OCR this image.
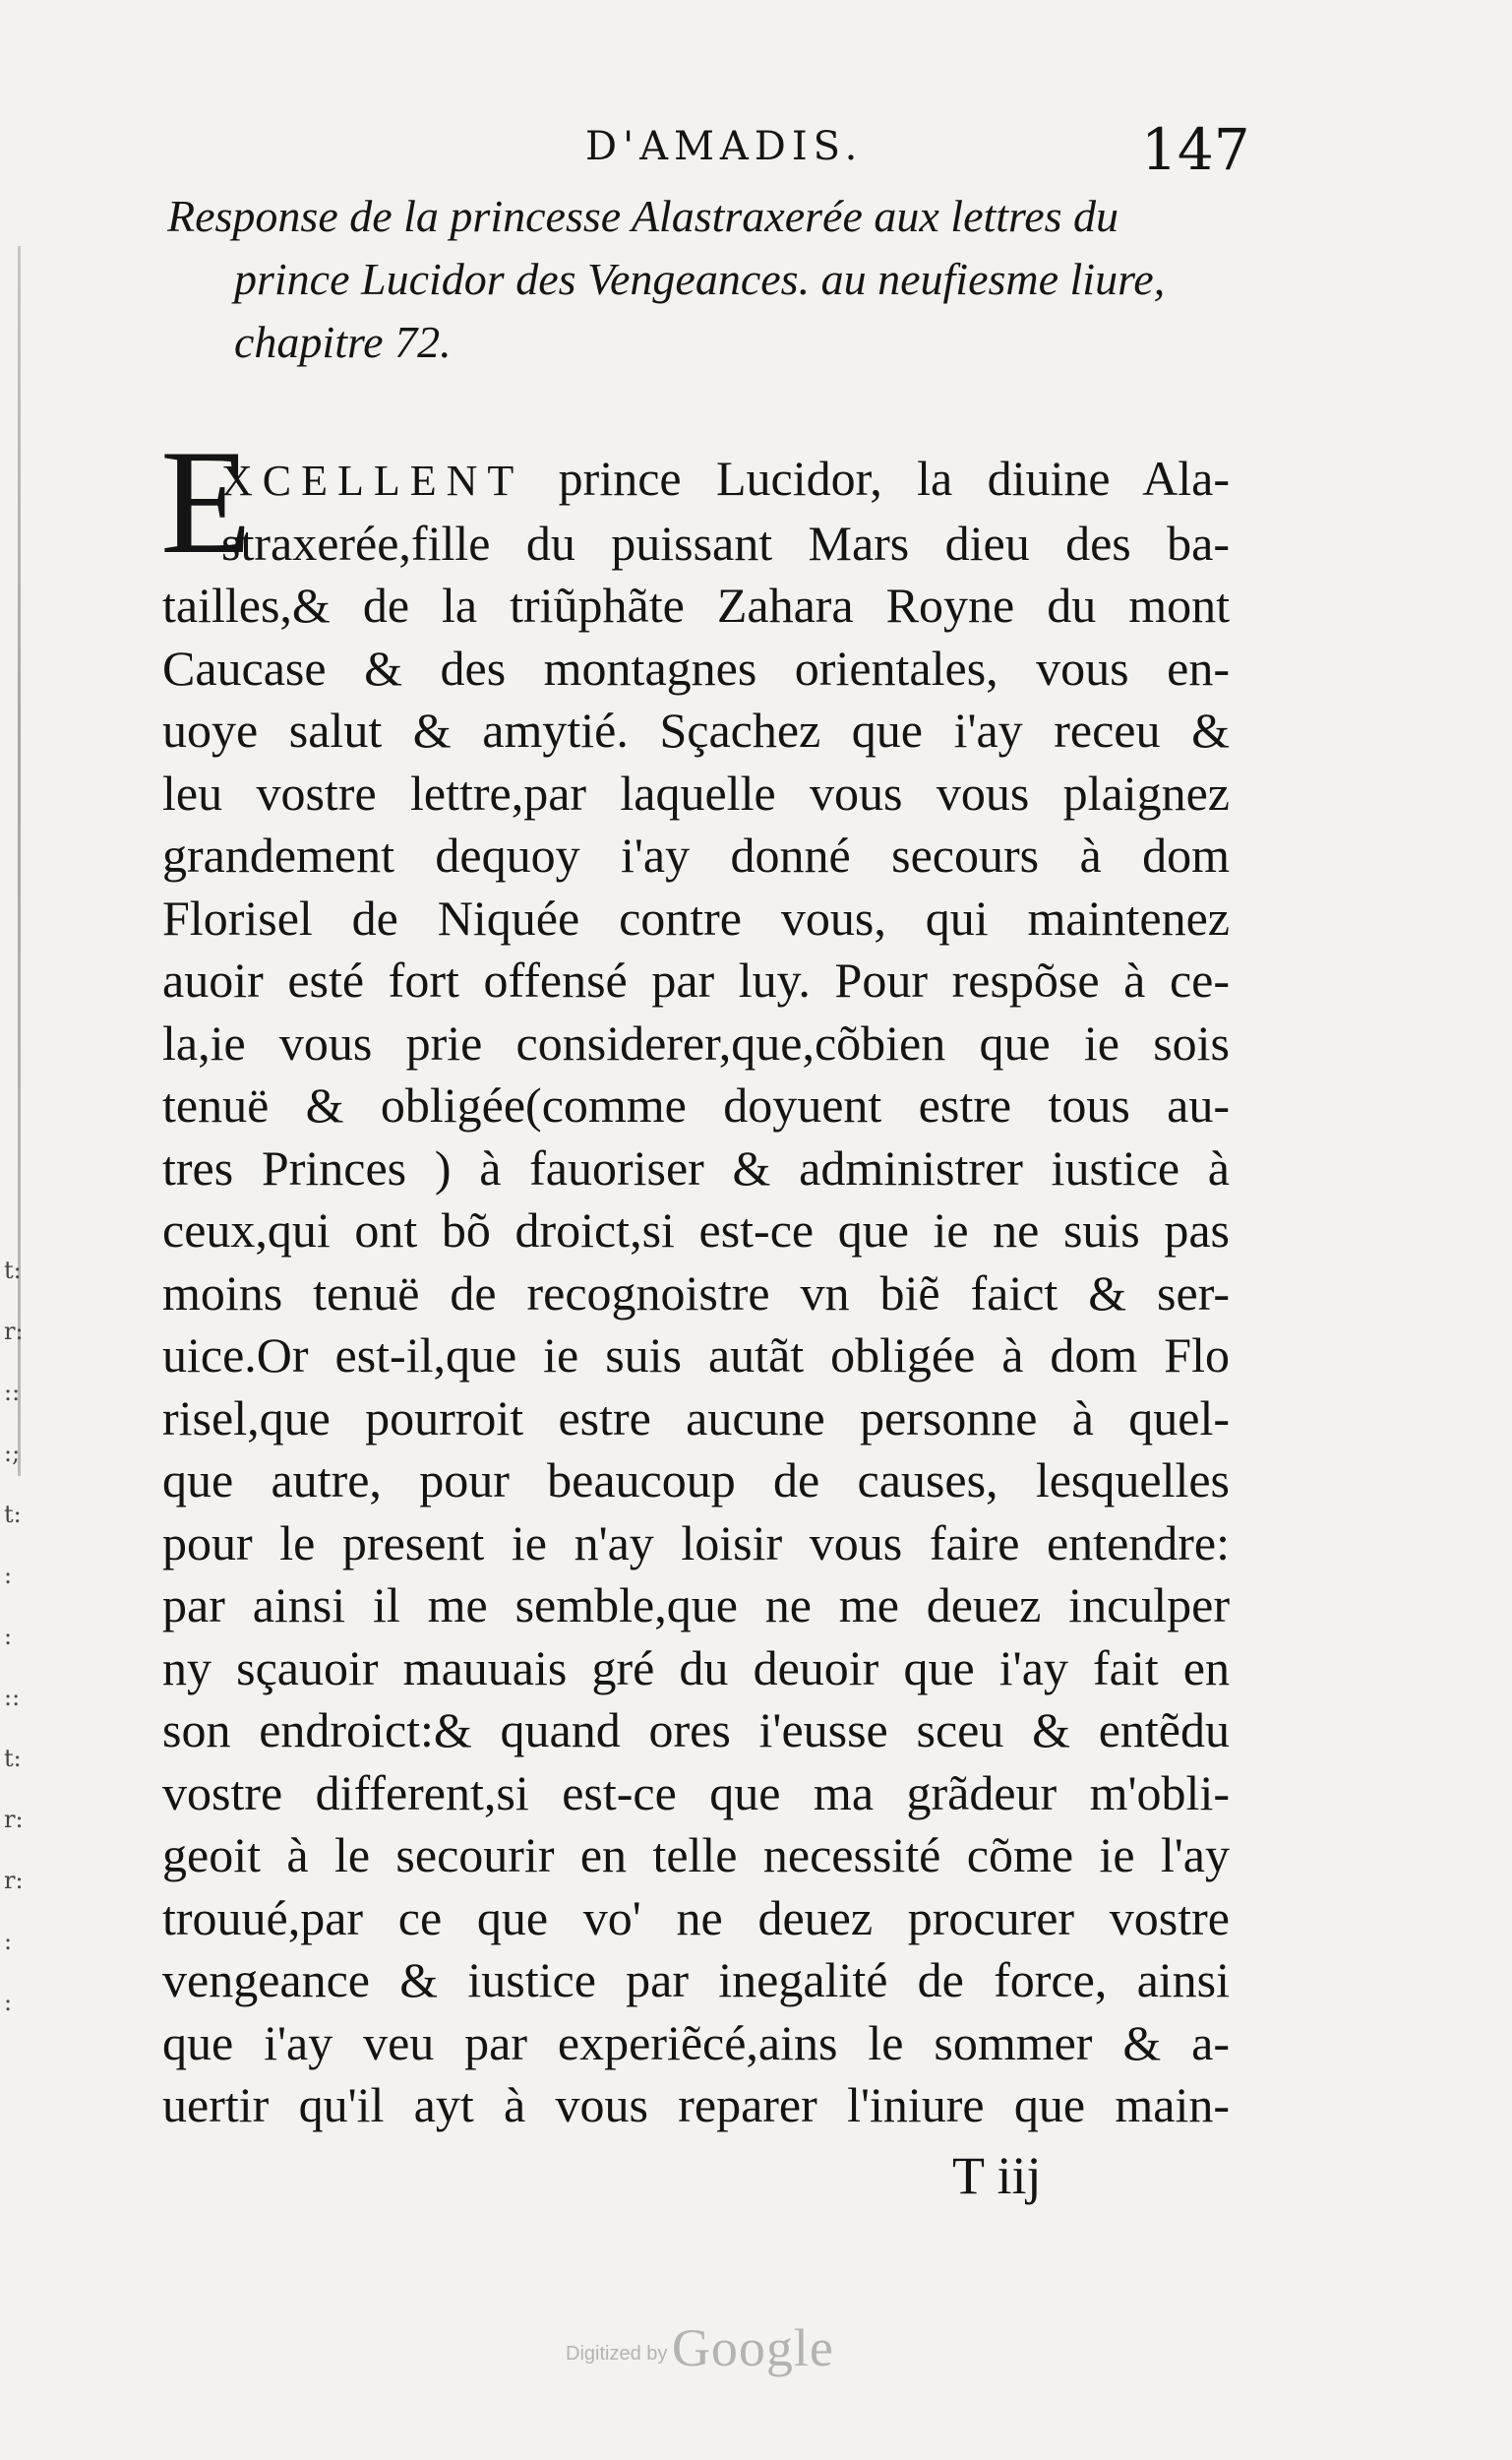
t:
r:
::
:;
t:
:
:
::
t:
r:
r:
:
:
D'AMADIS.	147
Response de la princesse Alastraxerée aux lettres du
prince Lucidor des Vengeances. au neufiesme liure,
chapitre 72.
E
XCELLENT prince Lucidor, la diuine Ala-
straxerée,fille du puissant Mars dieu des ba-
tailles,& de la triũphãte Zahara Royne du mont
Caucase & des montagnes orientales, vous en-
uoye salut & amytié. Sçachez que i'ay receu &
leu vostre lettre,par laquelle vous vous plaignez
grandement dequoy i'ay donné secours à dom
Florisel de Niquée contre vous, qui maintenez
auoir esté fort offensé par luy. Pour respõse à ce-
la,ie vous prie considerer,que,cõbien que ie sois
tenuë & obligée(comme doyuent estre tous au-
tres Princes ) à fauoriser & administrer iustice à
ceux,qui ont bõ droict,si est-ce que ie ne suis pas
moins tenuë de recognoistre vn biẽ faict & ser-
uice.Or est-il,que ie suis autãt obligée à dom Flo
risel,que pourroit estre aucune personne à quel-
que autre, pour beaucoup de causes, lesquelles
pour le present ie n'ay loisir vous faire entendre:
par ainsi il me semble,que ne me deuez inculper
ny sçauoir mauuais gré du deuoir que i'ay fait en
son endroict:& quand ores i'eusse sceu & entẽdu
vostre different,si est-ce que ma grãdeur m'obli-
geoit à le secourir en telle necessité cõme ie l'ay
trouué,par ce que vo' ne deuez procurer vostre
vengeance & iustice par inegalité de force, ainsi
que i'ay veu par experiẽcé,ains le sommer & a-
uertir qu'il ayt à vous reparer l'iniure que main-
T iij
Digitized by Google
